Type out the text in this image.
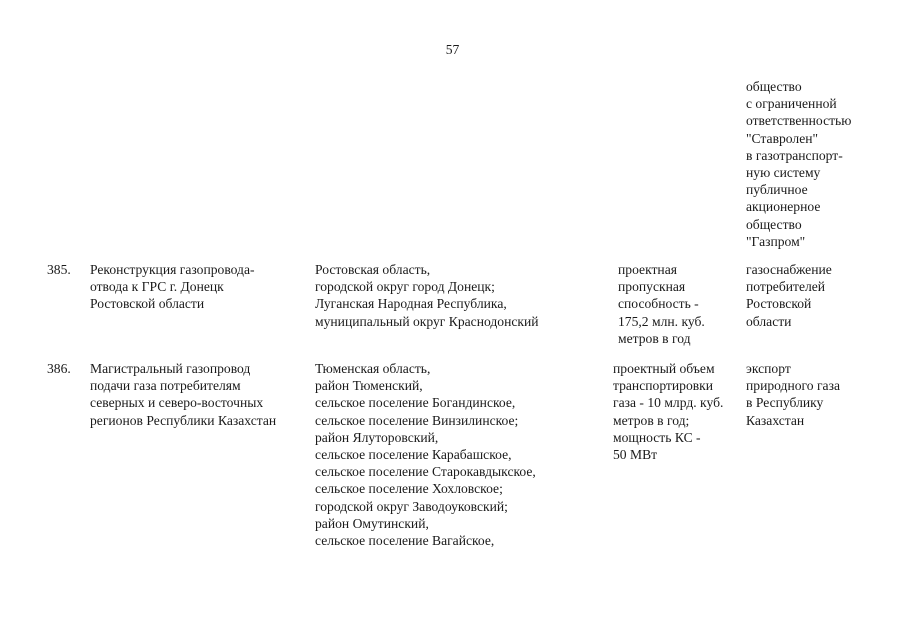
57
общество
с ограниченной
ответственностью
"Ставролен"
в газотранспорт-
ную систему
публичное
акционерное
общество
"Газпром"
385.	Реконструкция газопровода-
отвода к ГРС г. Донецк
Ростовской области
Ростовская область,
городской округ город Донецк;
Луганская Народная Республика,
муниципальный округ Краснодонский
проектная
пропускная
способность -
175,2 млн. куб.
метров в год
газоснабжение
потребителей
Ростовской
области
386.	Магистральный газопровод
подачи газа потребителям
северных и северо-восточных
регионов Республики Казахстан
Тюменская область,
район Тюменский,
сельское поселение Богандинское,
сельское поселение Винзилинское;
район Ялуторовский,
сельское поселение Карабашское,
сельское поселение Старокавдыкское,
сельское поселение Хохловское;
городской округ Заводоуковский;
район Омутинский,
сельское поселение Вагайское,
проектный объем
транспортировки
газа - 10 млрд. куб.
метров в год;
мощность КС -
50 МВт
экспорт
природного газа
в Республику
Казахстан
